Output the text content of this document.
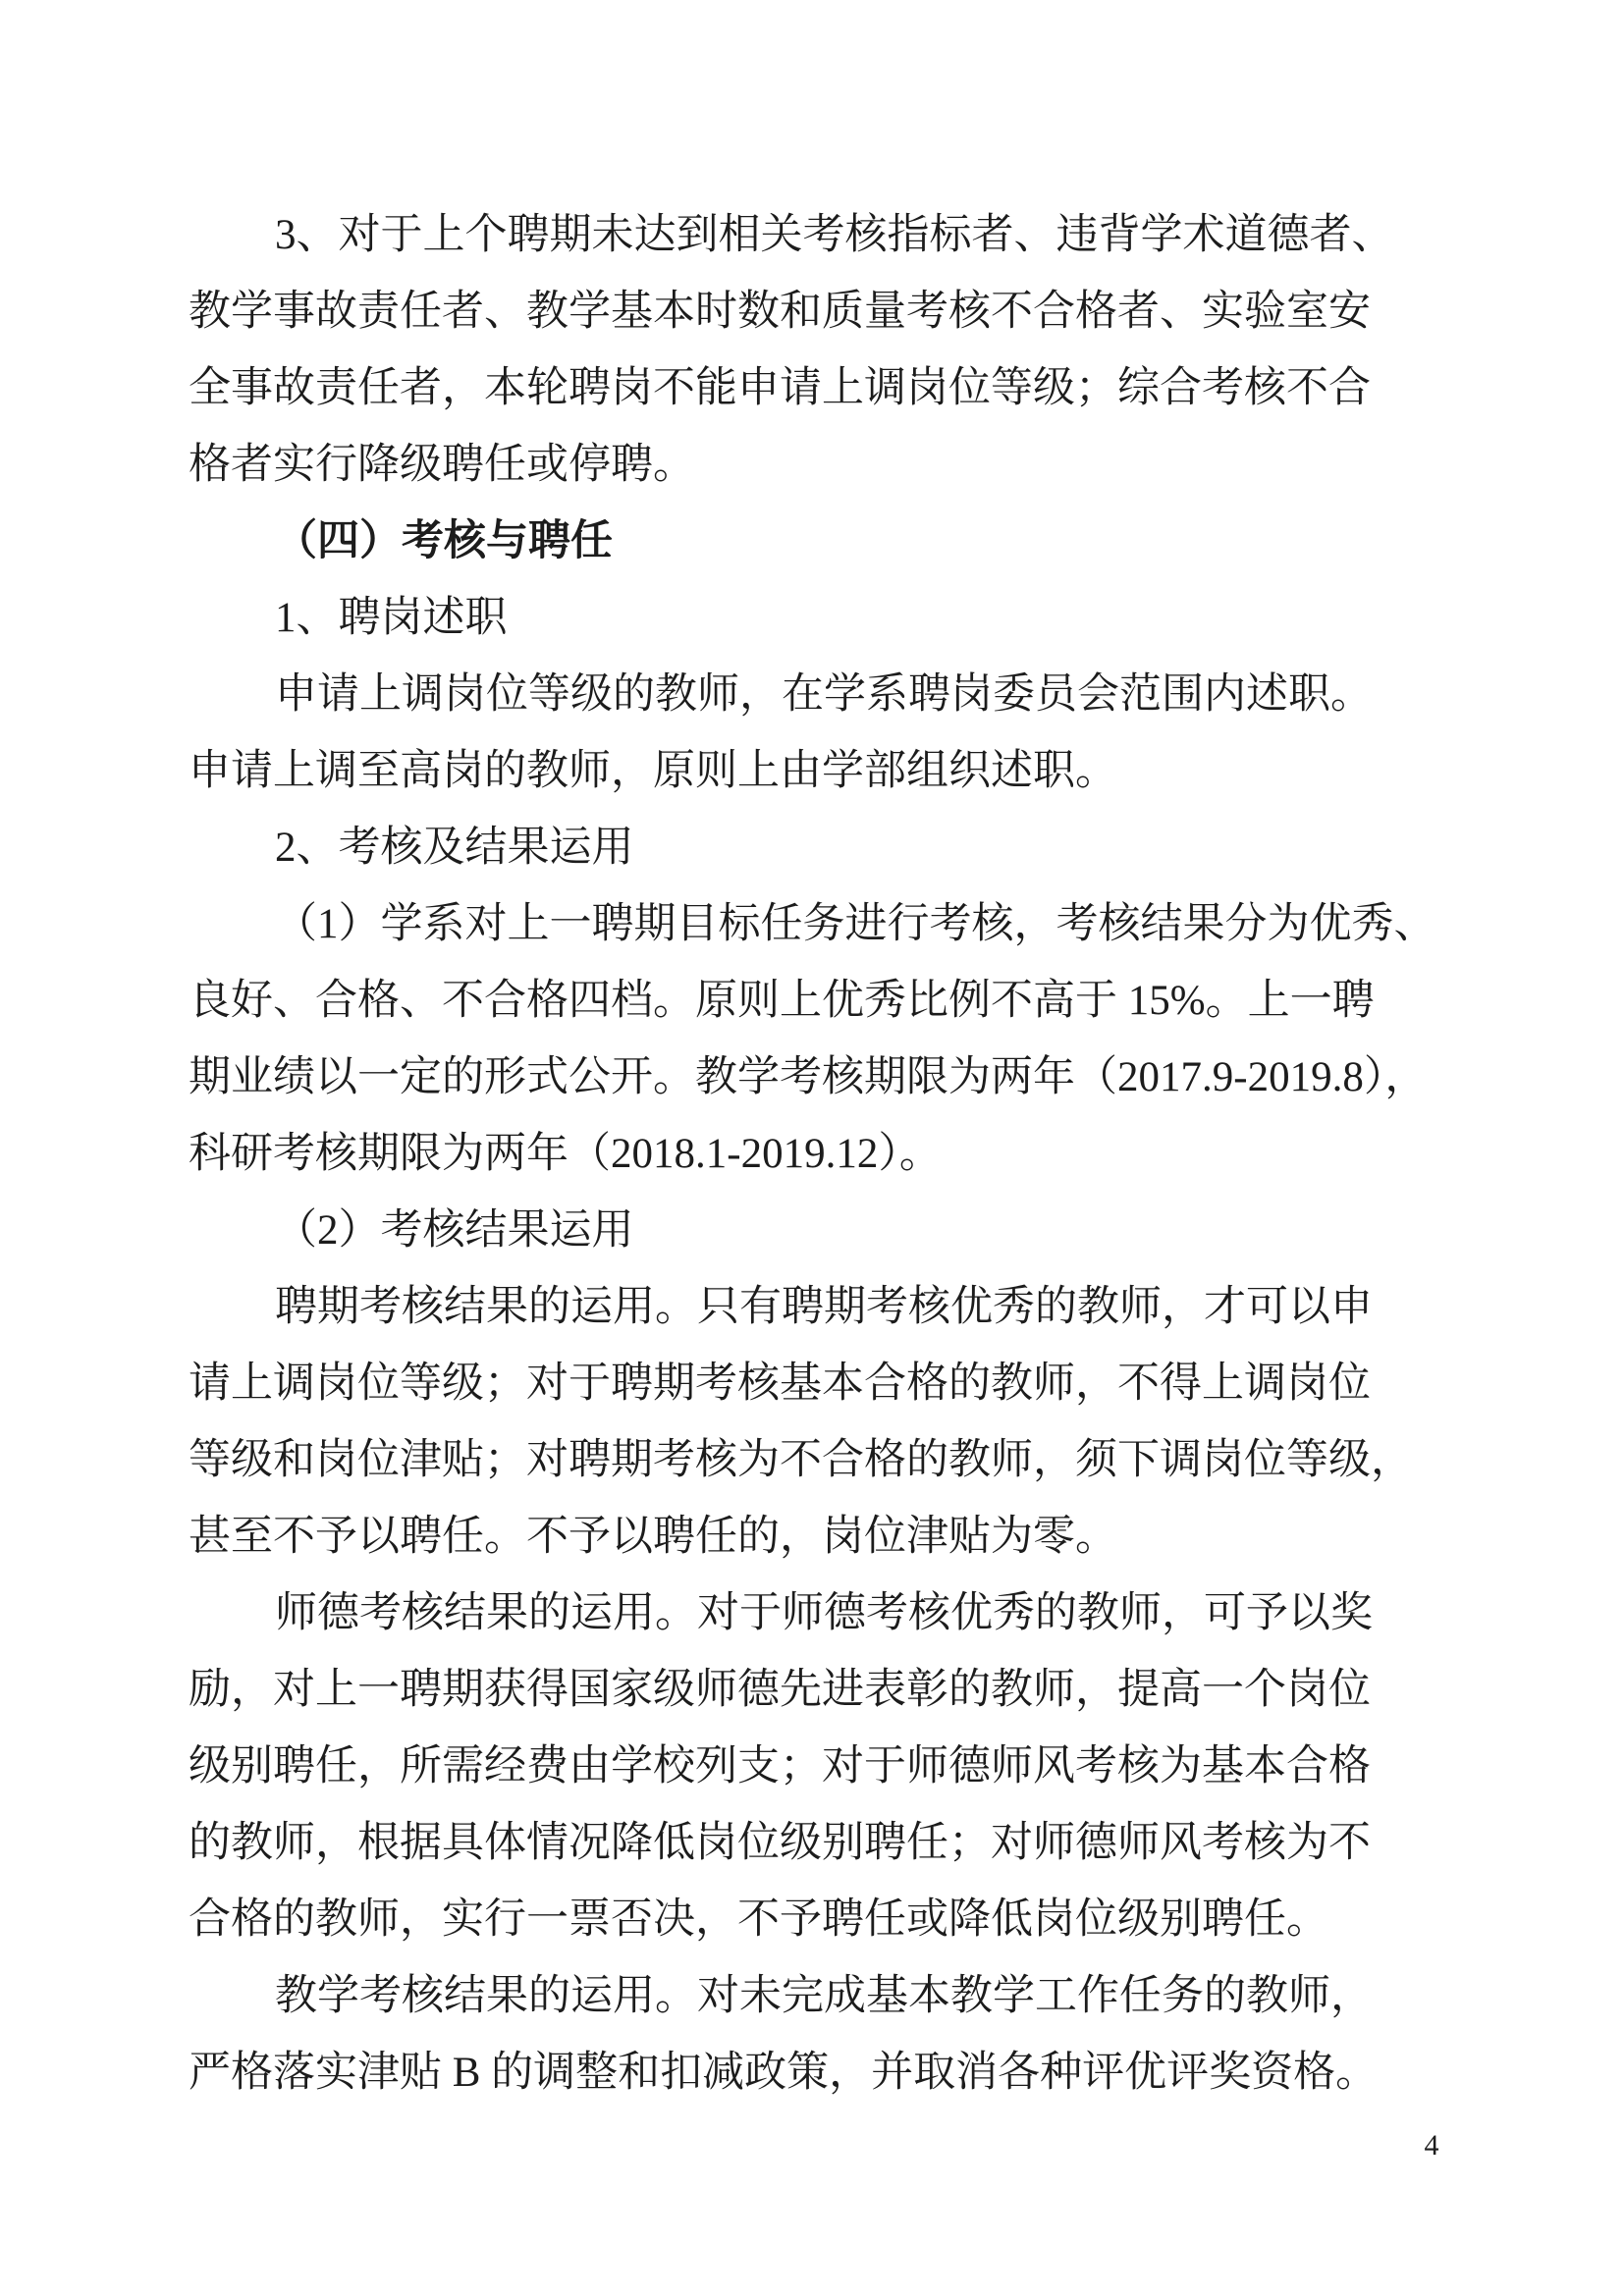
3、对于上个聘期未达到相关考核指标者、违背学术道德者、
教学事故责任者、教学基本时数和质量考核不合格者、实验室安
全事故责任者，本轮聘岗不能申请上调岗位等级；综合考核不合
格者实行降级聘任或停聘。
（四）考核与聘任
1、聘岗述职
申请上调岗位等级的教师，在学系聘岗委员会范围内述职。
申请上调至高岗的教师，原则上由学部组织述职。
2、考核及结果运用
（1）学系对上一聘期目标任务进行考核，考核结果分为优秀、
良好、合格、不合格四档。原则上优秀比例不高于 15%。上一聘
期业绩以一定的形式公开。教学考核期限为两年（2017.9-2019.8），
科研考核期限为两年（2018.1-2019.12）。
（2）考核结果运用
聘期考核结果的运用。只有聘期考核优秀的教师，才可以申
请上调岗位等级；对于聘期考核基本合格的教师，不得上调岗位
等级和岗位津贴；对聘期考核为不合格的教师，须下调岗位等级，
甚至不予以聘任。不予以聘任的，岗位津贴为零。
师德考核结果的运用。对于师德考核优秀的教师，可予以奖
励，对上一聘期获得国家级师德先进表彰的教师，提高一个岗位
级别聘任，所需经费由学校列支；对于师德师风考核为基本合格
的教师，根据具体情况降低岗位级别聘任；对师德师风考核为不
合格的教师，实行一票否决，不予聘任或降低岗位级别聘任。
教学考核结果的运用。对未完成基本教学工作任务的教师，
严格落实津贴 B 的调整和扣减政策，并取消各种评优评奖资格。
4
